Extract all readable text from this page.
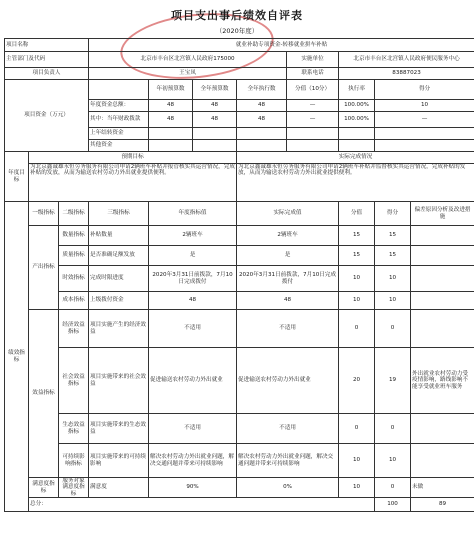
项目支出事后绩效自评表
（2020年度）
项目名称			就业补助专项资金-转移就业拼车补贴								
主管部门及代码			北京市丰台区北宫镇人民政府175000				实施单位	北京市丰台区北宫镇人民政府便民服务中心			
项目负责人			王宝凤				联系电话	83887023			
项目资金（万元）				年初预算数	全年预算数	全年执行数	分值（10分）	执行率	得分		
			年度资金总额：	48	48	48	—	100.00%	10		
			其中：当年财政拨款	48	48	48	—	100.00%	—		
			上年结转资金								
			其他资金								
年度目标	预期目标					实际完成情况					
	为北京鑫诚雄永恒劳务服务有限公司申请2辆班车补贴并报管核实其运营情况，完成补贴的发放，从而为输送农村劳动力外出就业提供便利。					为北京鑫诚雄永恒劳务服务有限公司申请2辆班车补贴并监督核实其运营情况，完成补贴的发放，从而为输送农村劳动力外出就业提供便利。					
绩效指标	一级指标	二级指标	三级指标	年度指标值		实际完成值		分值	得分	偏差原因分析及改进措施	
	产出指标	数量指标	补贴数量	2辆班车		2辆班车		15	15		
		质量指标	是否准确足额发放	是		是		15	15		
		时效指标	完成时限进度	2020年3月31日前拨款，7月10日完成拨付		2020年3月31日前拨款，7月10日完成拨付		10	10		
		成本指标	上级拨付资金	48		48		10	10		
	效益指标	经济效益指标	项目实施产生的经济效益	不适用		不适用		0	0		
		社会效益指标	项目实施带来的社会效益	促进输送农村劳动力外出就业		促进输送农村劳动力外出就业		20	19	外出就业农村劳动力受疫情影响，路线影响不能享受就业班车服务	
		生态效益指标	项目实施带来的生态效益	不适用		不适用		0	0		
		可持续影响指标	项目实施带来的可持续影响	解决农村劳动力外出就业问题，解决交通问题并带来可持续影响		解决农村劳动力外出就业问题，解决交通问题并带来可持续影响		10	10		
	满意度指标	服务对象满意度指标	满意度	90%		0%		10	0	未做	
	总分：								100	89	
